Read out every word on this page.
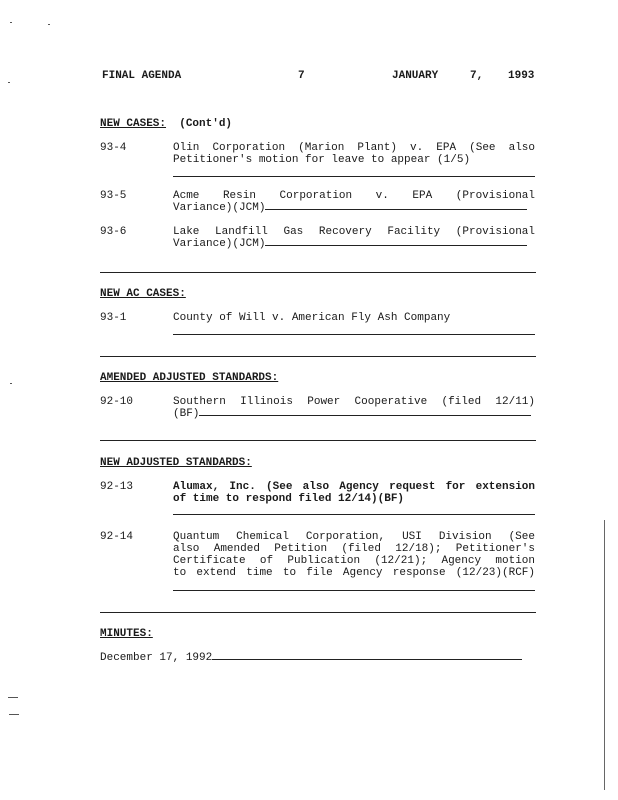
FINAL AGENDA	7	JANUARY	7, 1993
NEW CASES: (Cont'd)
93-4	Olin Corporation (Marion Plant) v. EPA (See also
Petitioner's motion for leave to appear (1/5)
93-5	Acme Resin Corporation v. EPA (Provisional
Variance)(JCM)
93-6	Lake Landfill Gas Recovery Facility (Provisional
Variance)(JCM)
NEW AC CASES:
93-1	County of Will v. American Fly Ash Company
AMENDED ADJUSTED STANDARDS:
92-10	Southern Illinois Power Cooperative (filed 12/11)
(BF)
NEW ADJUSTED STANDARDS:
92-13	Alumax, Inc. (See also Agency request for extension
of time to respond filed 12/14)(BF)
92-14	Quantum Chemical Corporation, USI Division (See
also Amended Petition (filed 12/18); Petitioner's
Certificate of Publication (12/21); Agency motion
to extend time to file Agency response (12/23)(RCF)
MINUTES:
December 17, 1992
